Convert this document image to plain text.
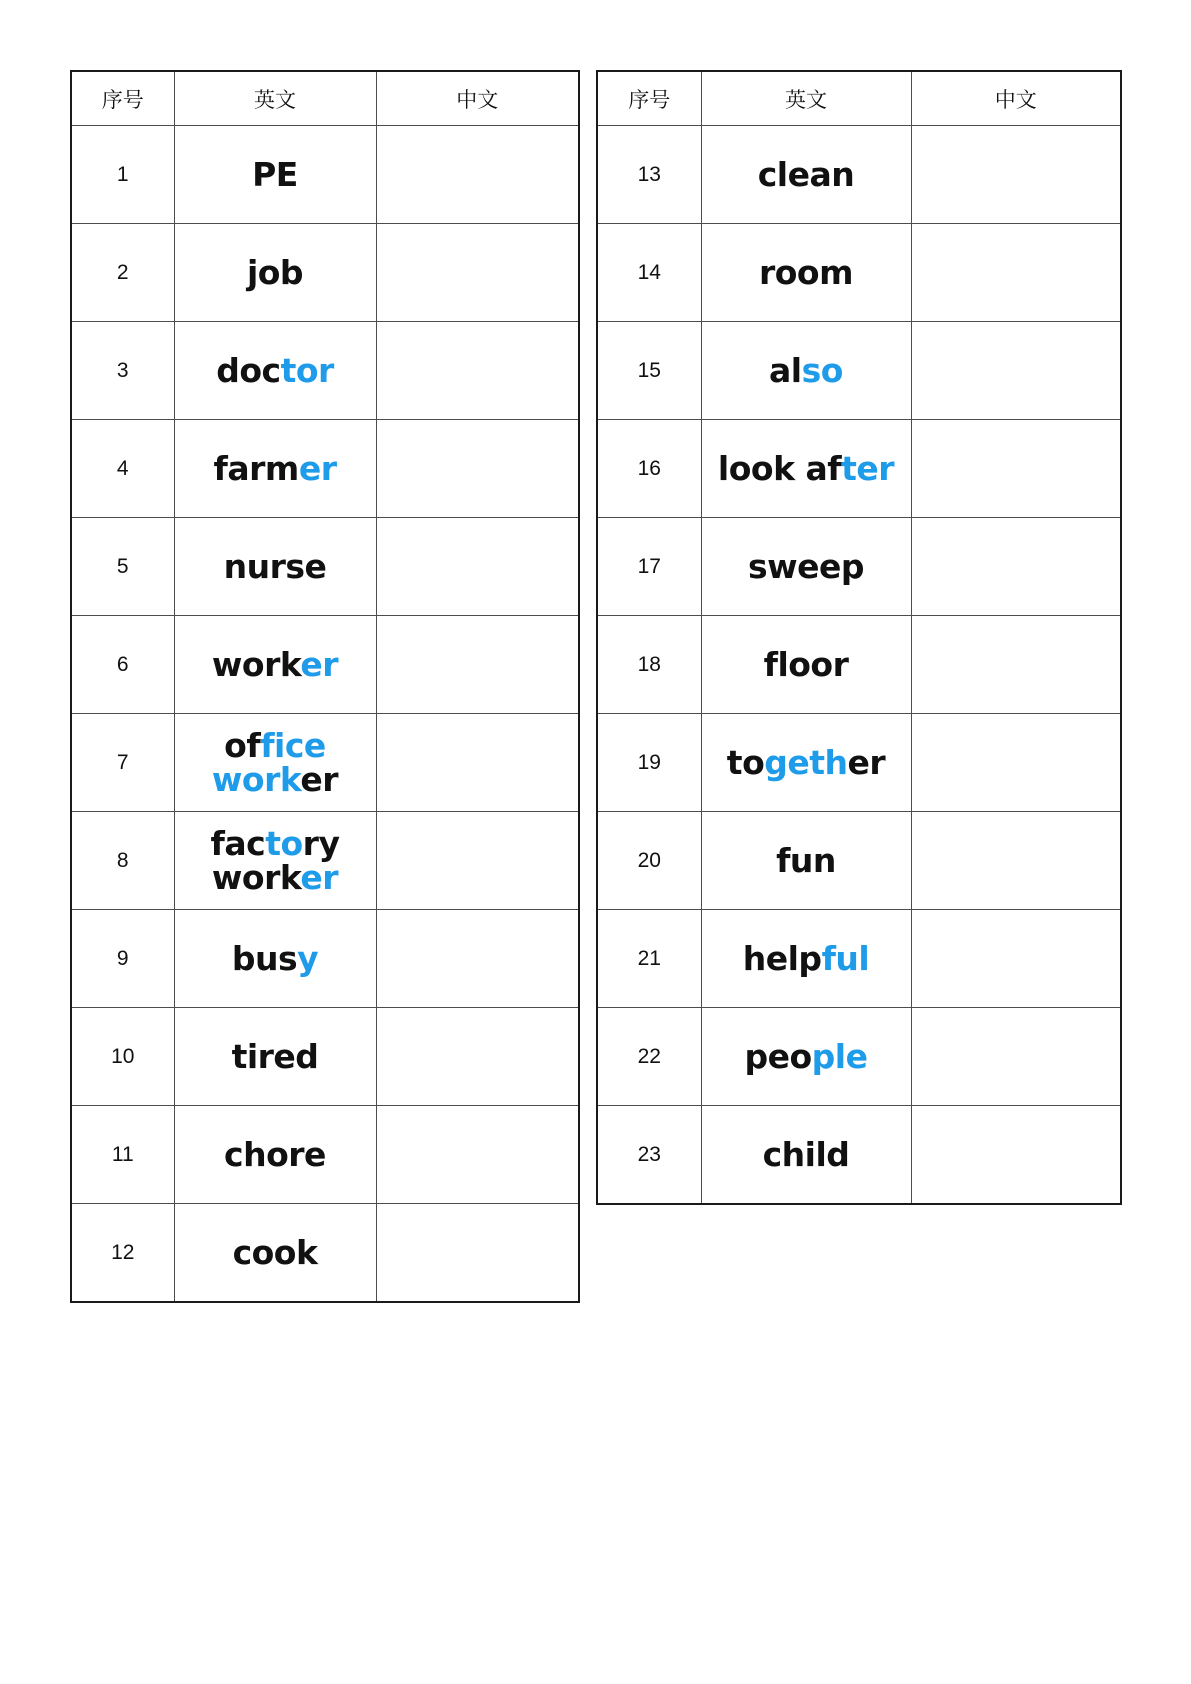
序号	英文	中文
1	PE	

2	job	

3	doctor	

4	farmer	

5	nurse	

6	worker	

7	office
worker	

8	factory
worker	

9	busy	

10	tired	

11	chore	

12	cook	

序号	英文	中文
13	clean	

14	room	

15	also	

16	look after	

17	sweep	

18	floor	

19	together	

20	fun	

21	helpful	

22	people	

23	child	
